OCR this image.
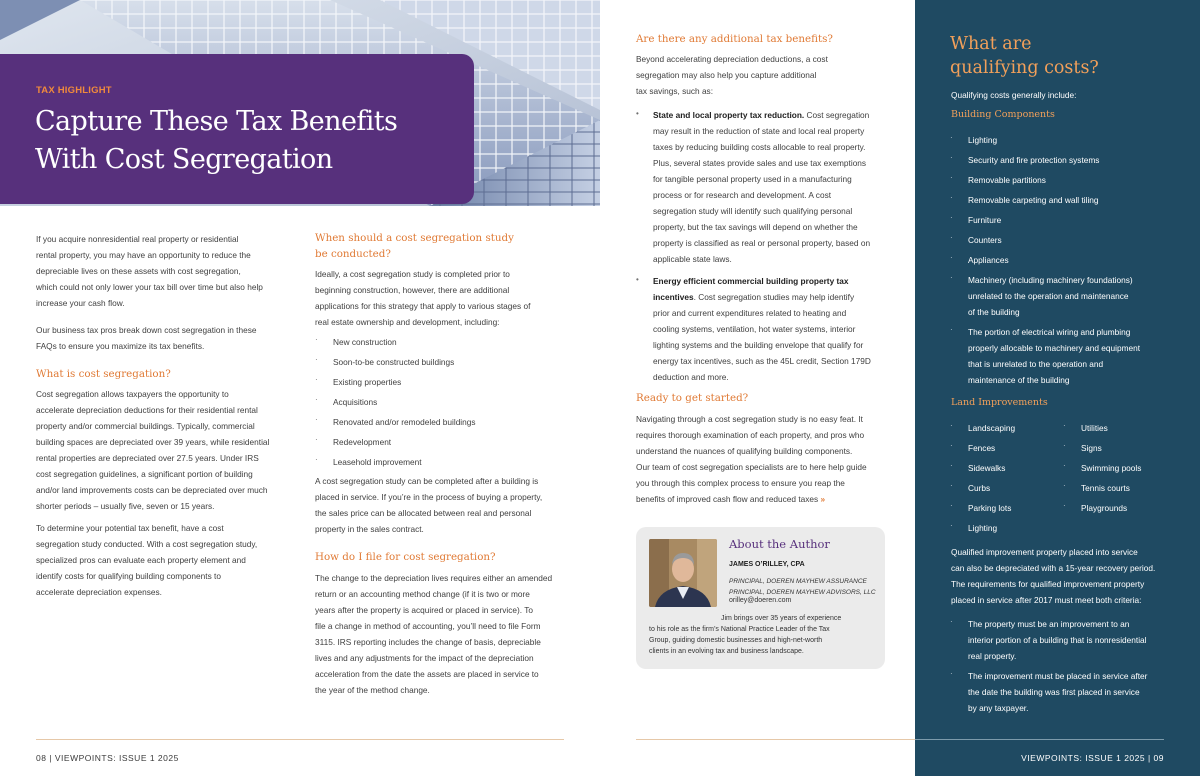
TAX HIGHLIGHT
Capture These Tax Benefits
With Cost Segregation
If you acquire nonresidential real property or residential
rental property, you may have an opportunity to reduce the
depreciable lives on these assets with cost segregation,
which could not only lower your tax bill over time but also help
increase your cash flow.
Our business tax pros break down cost segregation in these
FAQs to ensure you maximize its tax benefits.
What is cost segregation?
Cost segregation allows taxpayers the opportunity to
accelerate depreciation deductions for their residential rental
property and/or commercial buildings. Typically, commercial
building spaces are depreciated over 39 years, while residential
rental properties are depreciated over 27.5 years. Under IRS
cost segregation guidelines, a significant portion of building
and/or land improvements costs can be depreciated over much
shorter periods – usually five, seven or 15 years.
To determine your potential tax benefit, have a cost
segregation study conducted. With a cost segregation study,
specialized pros can evaluate each property element and
identify costs for qualifying building components to
accelerate depreciation expenses.
When should a cost segregation study
be conducted?
Ideally, a cost segregation study is completed prior to
beginning construction, however, there are additional
applications for this strategy that apply to various stages of
real estate ownership and development, including:
· New construction
· Soon-to-be constructed buildings
· Existing properties
· Acquisitions
· Renovated and/or remodeled buildings
· Redevelopment
· Leasehold improvement
A cost segregation study can be completed after a building is
placed in service. If you’re in the process of buying a property,
the sales price can be allocated between real and personal
property in the sales contract.
How do I file for cost segregation?
The change to the depreciation lives requires either an amended
return or an accounting method change (if it is two or more
years after the property is acquired or placed in service). To
file a change in method of accounting, you’ll need to file Form
3115. IRS reporting includes the change of basis, depreciable
lives and any adjustments for the impact of the depreciation
acceleration from the date the assets are placed in service to
the year of the method change.
08 | VIEWPOINTS: ISSUE 1 2025
Are there any additional tax benefits?
Beyond accelerating depreciation deductions, a cost
segregation may also help you capture additional
tax savings, such as:
• State and local property tax reduction. Cost segregation
may result in the reduction of state and local real property
taxes by reducing building costs allocable to real property.
Plus, several states provide sales and use tax exemptions
for tangible personal property used in a manufacturing
process or for research and development. A cost
segregation study will identify such qualifying personal
property, but the tax savings will depend on whether the
property is classified as real or personal property, based on
applicable state laws.
• Energy efficient commercial building property tax
incentives. Cost segregation studies may help identify
prior and current expenditures related to heating and
cooling systems, ventilation, hot water systems, interior
lighting systems and the building envelope that qualify for
energy tax incentives, such as the 45L credit, Section 179D
deduction and more.
Ready to get started?
Navigating through a cost segregation study is no easy feat. It
requires thorough examination of each property, and pros who
understand the nuances of qualifying building components.
Our team of cost segregation specialists are to here help guide
you through this complex process to ensure you reap the
benefits of improved cash flow and reduced taxes »
About the Author
JAMES O’RILLEY, CPA
PRINCIPAL, DOEREN MAYHEW ASSURANCE
PRINCIPAL, DOEREN MAYHEW ADVISORS, LLC
orilley@doeren.com
Jim brings over 35 years of experience
to his role as the firm’s National Practice Leader of the Tax
Group, guiding domestic businesses and high-net-worth
clients in an evolving tax and business landscape.
What are
qualifying costs?
Qualifying costs generally include:
Building Components
· Lighting
· Security and fire protection systems
· Removable partitions
· Removable carpeting and wall tiling
· Furniture
· Counters
· Appliances
· Machinery (including machinery foundations)
unrelated to the operation and maintenance
of the building
· The portion of electrical wiring and plumbing
properly allocable to machinery and equipment
that is unrelated to the operation and
maintenance of the building
Land Improvements
· Landscaping
· Fences
· Sidewalks
· Curbs
· Parking lots
· Lighting
· Utilities
· Signs
· Swimming pools
· Tennis courts
· Playgrounds
Qualified improvement property placed into service
can also be depreciated with a 15-year recovery period.
The requirements for qualified improvement property
placed in service after 2017 must meet both criteria:
· The property must be an improvement to an
interior portion of a building that is nonresidential
real property.
· The improvement must be placed in service after
the date the building was first placed in service
by any taxpayer.
VIEWPOINTS: ISSUE 1 2025 | 09
